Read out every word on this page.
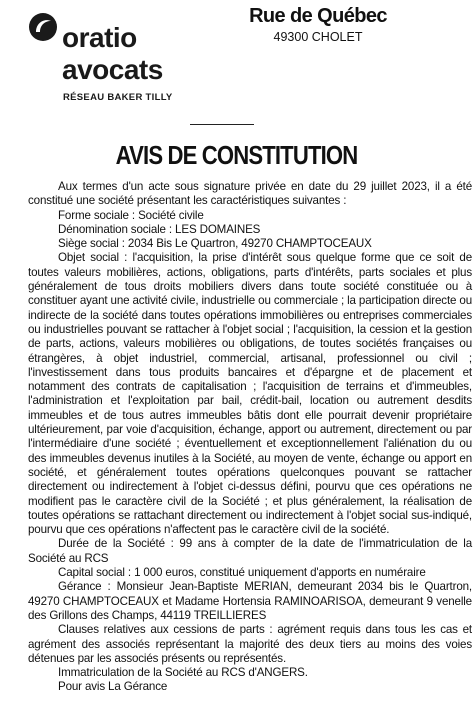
oratio
avocats
RÉSEAU BAKER TILLY
Rue de Québec
49300 CHOLET
AVIS DE CONSTITUTION

Aux termes d'un acte sous signature privée en date du 29 juillet 2023, il a été constitué une société présentant les caractéristiques suivantes :

Forme sociale : Société civile

Dénomination sociale : LES DOMAINES

Siège social : 2034 Bis Le Quartron, 49270 CHAMPTOCEAUX

Objet social : l'acquisition, la prise d'intérêt sous quelque forme que ce soit de toutes valeurs mobilières, actions, obligations, parts d'intérêts, parts sociales et plus généralement de tous droits mobiliers divers dans toute société constituée ou à constituer ayant une activité civile, industrielle ou commerciale ; la participation directe ou indirecte de la société dans toutes opérations immobilières ou entreprises commerciales ou industrielles pouvant se rattacher à l'objet social ; l'acquisition, la cession et la gestion de parts, actions, valeurs mobilières ou obligations, de toutes sociétés françaises ou étrangères, à objet industriel, commercial, artisanal, professionnel ou civil ; l'investissement dans tous produits bancaires et d'épargne et de placement et notamment des contrats de capitalisation ; l'acquisition de terrains et d'immeubles, l'administration et l'exploitation par bail, crédit-bail, location ou autrement desdits immeubles et de tous autres immeubles bâtis dont elle pourrait devenir propriétaire ultérieurement, par voie d'acquisition, échange, apport ou autrement, directement ou par l'intermédiaire d'une société ; éventuellement et exceptionnellement l'aliénation du ou des immeubles devenus inutiles à la Société, au moyen de vente, échange ou apport en société, et généralement toutes opérations quelconques pouvant se rattacher directement ou indirectement à l'objet ci-dessus défini, pourvu que ces opérations ne modifient pas le caractère civil de la Société ; et plus généralement, la réalisation de toutes opérations se rattachant directement ou indirectement à l'objet social sus-indiqué, pourvu que ces opérations n'affectent pas le caractère civil de la société.

Durée de la Société : 99 ans à compter de la date de l'immatriculation de la Société au RCS

Capital social : 1 000 euros, constitué uniquement d'apports en numéraire

Gérance : Monsieur Jean-Baptiste MERIAN, demeurant 2034 bis le Quartron, 49270 CHAMPTOCEAUX et Madame Hortensia RAMINOARISOA, demeurant 9 venelle des Grillons des Champs, 44119 TREILLIERES

Clauses relatives aux cessions de parts : agrément requis dans tous les cas et agrément des associés représentant la majorité des deux tiers au moins des voies détenues par les associés présents ou représentés.

Immatriculation de la Société au RCS d'ANGERS.

Pour avis La Gérance
